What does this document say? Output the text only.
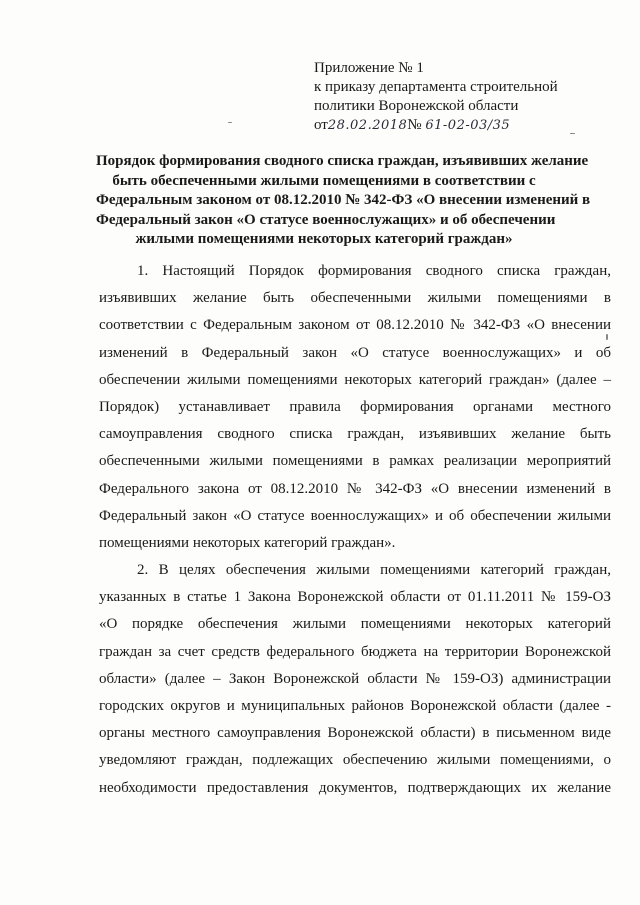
Приложение № 1
к приказу департамента строительной
политики Воронежской области
от28.02.2018№ 61-02-03/35
Порядок формирования сводного списка граждан, изъявивших желание
быть обеспеченными жилыми помещениями в соответствии с
Федеральным законом от 08.12.2010 № 342-ФЗ «О внесении изменений в
Федеральный закон «О статусе военнослужащих» и об обеспечении
жилыми помещениями некоторых категорий граждан»
1. Настоящий Порядок формирования сводного списка граждан,
изъявивших желание быть обеспеченными жилыми помещениями в
соответствии с Федеральным законом от 08.12.2010 № 342-ФЗ «О внесении
изменений в Федеральный закон «О статусе военнослужащих» и об
обеспечении жилыми помещениями некоторых категорий граждан» (далее –
Порядок) устанавливает правила формирования органами местного
самоуправления сводного списка граждан, изъявивших желание быть
обеспеченными жилыми помещениями в рамках реализации мероприятий
Федерального закона от 08.12.2010 № 342-ФЗ «О внесении изменений в
Федеральный закон «О статусе военнослужащих» и об обеспечении жилыми
помещениями некоторых категорий граждан».
2. В целях обеспечения жилыми помещениями категорий граждан,
указанных в статье 1 Закона Воронежской области от 01.11.2011 № 159-ОЗ
«О порядке обеспечения жилыми помещениями некоторых категорий
граждан за счет средств федерального бюджета на территории Воронежской
области» (далее – Закон Воронежской области № 159-ОЗ) администрации
городских округов и муниципальных районов Воронежской области (далее -
органы местного самоуправления Воронежской области) в письменном виде
уведомляют граждан, подлежащих обеспечению жилыми помещениями, о
необходимости предоставления документов, подтверждающих их желание
